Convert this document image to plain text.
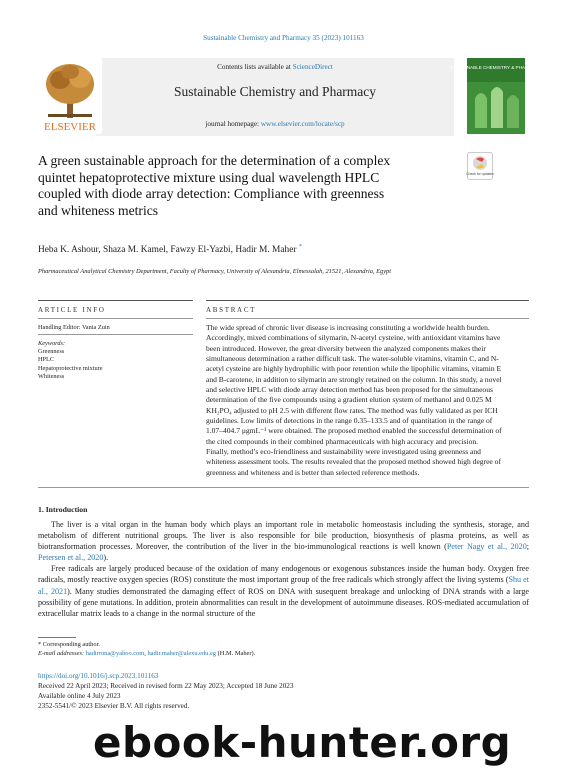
Sustainable Chemistry and Pharmacy 35 (2023) 101163
Contents lists available at ScienceDirect
Sustainable Chemistry and Pharmacy
journal homepage: www.elsevier.com/locate/scp
ELSEVIER
SUSTAINABLE CHEMISTRY & PHARMACY
Check for updates
A green sustainable approach for the determination of a complex
quintet hepatoprotective mixture using dual wavelength HPLC
coupled with diode array detection: Compliance with greenness
and whiteness metrics
Heba K. Ashour, Shaza M. Kamel, Fawzy El-Yazbi, Hadir M. Maher *
Pharmaceutical Analytical Chemistry Department, Faculty of Pharmacy, University of Alexandria, Elmessalah, 21521, Alexandria, Egypt
ARTICLE INFO	ABSTRACT
Handling Editor: Vania Zuin
Keywords:
Greenness
HPLC
Hepatoprotective mixture
Whiteness
The wide spread of chronic liver disease is increasing constituting a worldwide health burden.
Accordingly, mixed combinations of silymarin, N-acetyl cysteine, with antioxidant vitamins have
been introduced. However, the great diversity between the analyzed components makes their
simultaneous determination a rather difficult task. The water-soluble vitamins, vitamin C, and N-
acetyl cysteine are highly hydrophilic with poor retention while the lipophilic vitamins, vitamin E
and B-carotene, in addition to silymarin are strongly retained on the column. In this study, a novel
and selective HPLC with diode array detection method has been proposed for the simultaneous
determination of the five compounds using a gradient elution system of methanol and 0.025 M
KH₂PO₄ adjusted to pH 2.5 with different flow rates. The method was fully validated as per ICH
guidelines. Low limits of detections in the range 0.35–133.5 and of quantitation in the range of
1.07–404.7 μgmL⁻¹ were obtained. The proposed method enabled the successful determination of
the cited compounds in their combined pharmaceuticals with high accuracy and precision.
Finally, method’s eco-friendliness and sustainability were investigated using greenness and
whiteness assessment tools. The results revealed that the proposed method showed high degree of
greenness and whiteness and is better than selected reference methods.
1. Introduction

The liver is a vital organ in the human body which plays an important role in metabolic homeostasis including the synthesis, storage, and metabolism of different nutritional groups. The liver is also responsible for bile production, biosynthesis of plasma proteins, as well as biotransformation processes. Moreover, the contribution of the liver in the bio-immunological reactions is well known (Peter Nagy et al., 2020; Petersen et al., 2020).

Free radicals are largely produced because of the oxidation of many endogenous or exogenous substances inside the human body. Oxygen free radicals, mostly reactive oxygen species (ROS) constitute the most important group of the free radicals which strongly affect the living systems (Shu et al., 2021). Many studies demonstrated the damaging effect of ROS on DNA with susequent breakage and unlocking of DNA strands with a large possibility of gene mutations. In addition, protein abnormalities can result in the development of autoimmune diseases. ROS-mediated accumulation of extracellular matrix leads to a change in the normal structure of the

* Corresponding author.
E-mail addresses: hadirrona@yahoo.com, hadir.maher@alexu.edu.eg (H.M. Maher).
https://doi.org/10.1016/j.scp.2023.101163
Received 22 April 2023; Received in revised form 22 May 2023; Accepted 18 June 2023
Available online 4 July 2023
2352-5541/© 2023 Elsevier B.V. All rights reserved.
ebook-hunter.org
